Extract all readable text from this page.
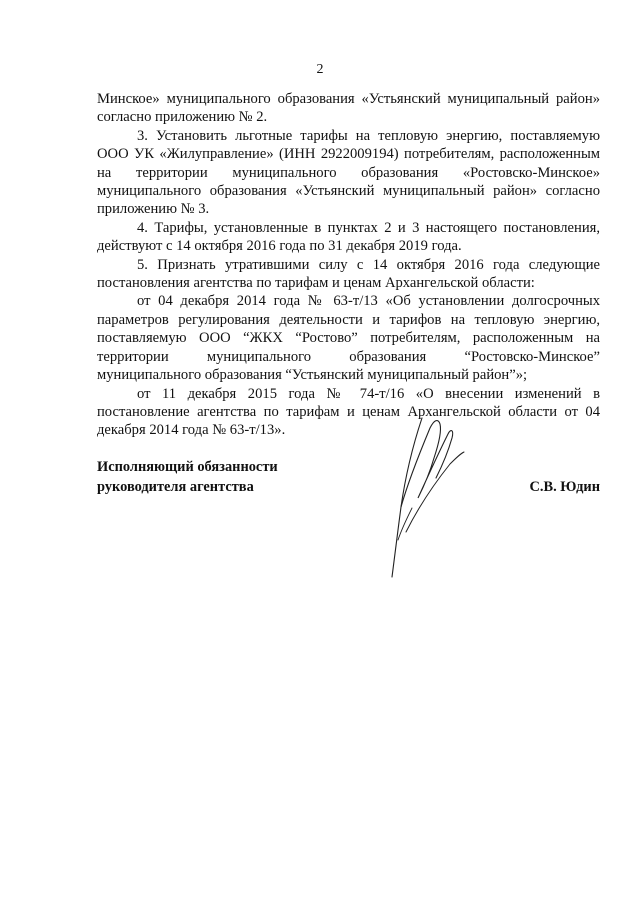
2

Минское» муниципального образования «Устьянский муниципальный район» согласно приложению № 2.

3. Установить льготные тарифы на тепловую энергию, поставляемую ООО УК «Жилуправление» (ИНН 2922009194) потребителям, расположенным на территории муниципального образования «Ростовско-Минское» муниципального образования «Устьянский муниципальный район» согласно приложению № 3.

4. Тарифы, установленные в пунктах 2 и 3 настоящего постановления, действуют с 14 октября 2016 года по 31 декабря 2019 года.

5. Признать утратившими силу с 14 октября 2016 года следующие постановления агентства по тарифам и ценам Архангельской области:

от 04 декабря 2014 года № 63-т/13 «Об установлении долгосрочных параметров регулирования деятельности и тарифов на тепловую энергию, поставляемую ООО “ЖКХ “Ростово” потребителям, расположенным на территории муниципального образования “Ростовско-Минское” муниципального образования “Устьянский муниципальный район”»;

от 11 декабря 2015 года № 74-т/16 «О внесении изменений в постановление агентства по тарифам и ценам Архангельской области от 04 декабря 2014 года № 63-т/13».

Исполняющий обязанности
руководителя агентства	С.В. Юдин
